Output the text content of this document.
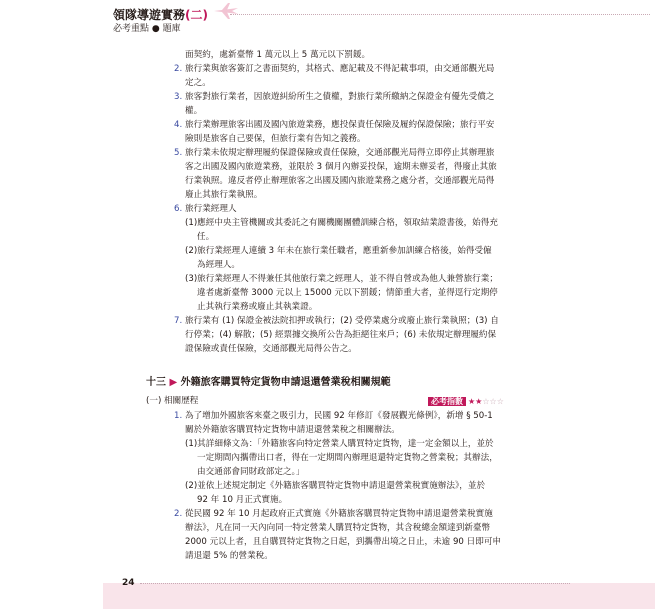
領隊導遊實務(二)
必考重點 ● 題庫
面契約，處新臺幣 1 萬元以上 5 萬元以下罰鍰。
2. 旅行業與旅客簽訂之書面契約，其格式、應記載及不得記載事項，由交通部觀光局
定之。
3. 旅客對旅行業者，因旅遊糾紛所生之債權，對旅行業所繳納之保證金有優先受償之
權。
4. 旅行業辦理旅客出國及國內旅遊業務，應投保責任保險及履約保證保險；旅行平安
險則是旅客自己要保，但旅行業有告知之義務。
5. 旅行業未依規定辦理履約保證保險或責任保險，交通部觀光局得立即停止其辦理旅
客之出國及國內旅遊業務，並限於 3 個月內辦妥投保，逾期未辦妥者，得廢止其旅
行業執照。違反者停止辦理旅客之出國及國內旅遊業務之處分者，交通部觀光局得
廢止其旅行業執照。
6. 旅行業經理人
(1)應經中央主管機關或其委託之有關機關團體訓練合格，領取結業證書後，始得充
任。
(2)旅行業經理人連續 3 年未在旅行業任職者，應重新參加訓練合格後，始得受僱
為經理人。
(3)旅行業經理人不得兼任其他旅行業之經理人，並不得自營或為他人兼營旅行業；
違者處新臺幣 3000 元以上 15000 元以下罰鍰；情節重大者，並得逕行定期停
止其執行業務或廢止其執業證。
7. 旅行業有 (1) 保證金被法院扣押或執行；(2) 受停業處分或廢止旅行業執照；(3) 自
行停業；(4) 解散；(5) 經票據交換所公告為拒絕往來戶；(6) 未依規定辦理履約保
證保險或責任保險，交通部觀光局得公告之。
十三 ▶ 外籍旅客購買特定貨物申請退還營業稅相關規範
(一) 相關歷程	必考指數 ★★☆☆☆
1. 為了增加外國旅客來臺之吸引力，民國 92 年修訂《發展觀光條例》，新增 § 50-1
關於外籍旅客購買特定貨物申請退還營業稅之相關辦法。
(1)其詳細條文為：「外籍旅客向特定營業人購買特定貨物，達一定金額以上，並於
一定期間內攜帶出口者，得在一定期間內辦理退還特定貨物之營業稅；其辦法，
由交通部會同財政部定之。」
(2)並依上述規定制定《外籍旅客購買特定貨物申請退還營業稅實施辦法》，並於
92 年 10 月正式實施。
2. 從民國 92 年 10 月起政府正式實施《外籍旅客購買特定貨物申請退還營業稅實施
辦法》，凡在同一天內向同一特定營業人購買特定貨物，其含稅總金額達到新臺幣
2000 元以上者，且自購買特定貨物之日起，到攜帶出境之日止，未逾 90 日即可申
請退還 5% 的營業稅。
24
